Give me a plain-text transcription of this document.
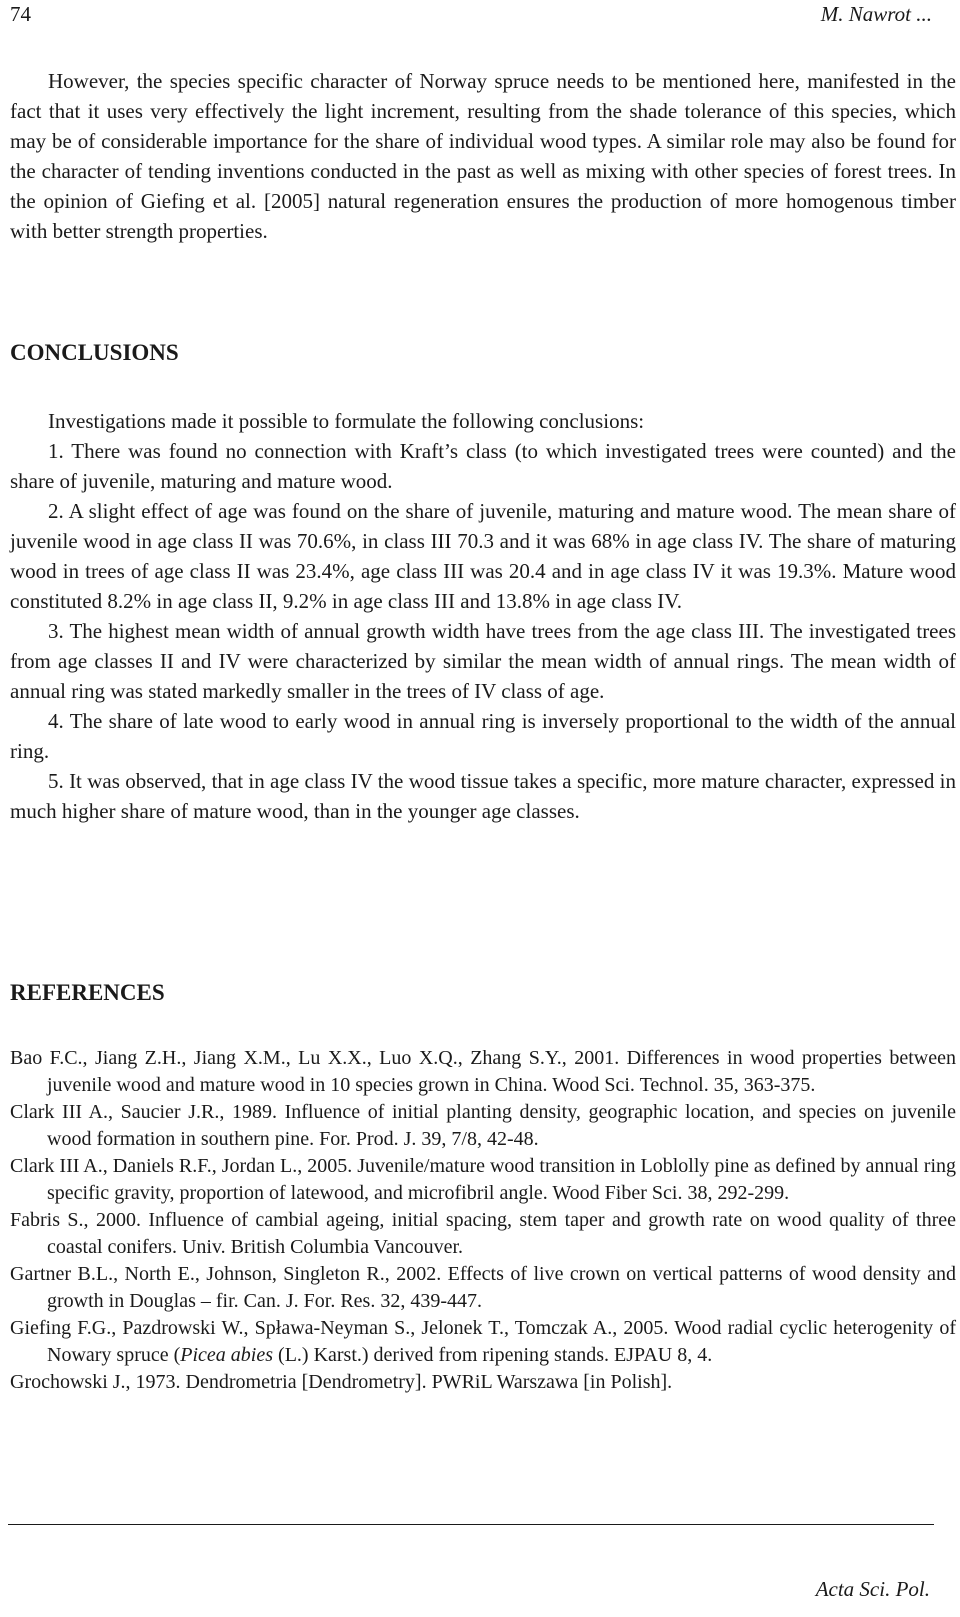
74	M. Nawrot ...

However, the species specific character of Norway spruce needs to be mentioned here, manifested in the fact that it uses very effectively the light increment, resulting from the shade tolerance of this species, which may be of considerable importance for the share of individual wood types. A similar role may also be found for the character of tending inventions conducted in the past as well as mixing with other species of forest trees. In the opinion of Giefing et al. [2005] natural regeneration ensures the production of more homogenous timber with better strength properties.

CONCLUSIONS

Investigations made it possible to formulate the following conclusions:

1. There was found no connection with Kraft’s class (to which investigated trees were counted) and the share of juvenile, maturing and mature wood.

2. A slight effect of age was found on the share of juvenile, maturing and mature wood. The mean share of juvenile wood in age class II was 70.6%, in class III 70.3 and it was 68% in age class IV. The share of maturing wood in trees of age class II was 23.4%, age class III was 20.4 and in age class IV it was 19.3%. Mature wood constituted 8.2% in age class II, 9.2% in age class III and 13.8% in age class IV.

3. The highest mean width of annual growth width have trees from the age class III. The investigated trees from age classes II and IV were characterized by similar the mean width of annual rings. The mean width of annual ring was stated markedly smaller in the trees of IV class of age.

4. The share of late wood to early wood in annual ring is inversely proportional to the width of the annual ring.

5. It was observed, that in age class IV the wood tissue takes a specific, more mature character, expressed in much higher share of mature wood, than in the younger age classes.

REFERENCES

Bao F.C., Jiang Z.H., Jiang X.M., Lu X.X., Luo X.Q., Zhang S.Y., 2001. Differences in wood properties between juvenile wood and mature wood in 10 species grown in China. Wood Sci. Technol. 35, 363-375.

Clark III A., Saucier J.R., 1989. Influence of initial planting density, geographic location, and species on juvenile wood formation in southern pine. For. Prod. J. 39, 7/8, 42-48.

Clark III A., Daniels R.F., Jordan L., 2005. Juvenile/mature wood transition in Loblolly pine as defined by annual ring specific gravity, proportion of latewood, and microfibril angle. Wood Fiber Sci. 38, 292-299.

Fabris S., 2000. Influence of cambial ageing, initial spacing, stem taper and growth rate on wood quality of three coastal conifers. Univ. British Columbia Vancouver.

Gartner B.L., North E., Johnson, Singleton R., 2002. Effects of live crown on vertical patterns of wood density and growth in Douglas – fir. Can. J. For. Res. 32, 439-447.

Giefing F.G., Pazdrowski W., Spława-Neyman S., Jelonek T., Tomczak A., 2005. Wood radial cyclic heterogenity of Nowary spruce (Picea abies (L.) Karst.) derived from ripening stands. EJPAU 8, 4.

Grochowski J., 1973. Dendrometria [Dendrometry]. PWRiL Warszawa [in Polish].

Acta Sci. Pol.
